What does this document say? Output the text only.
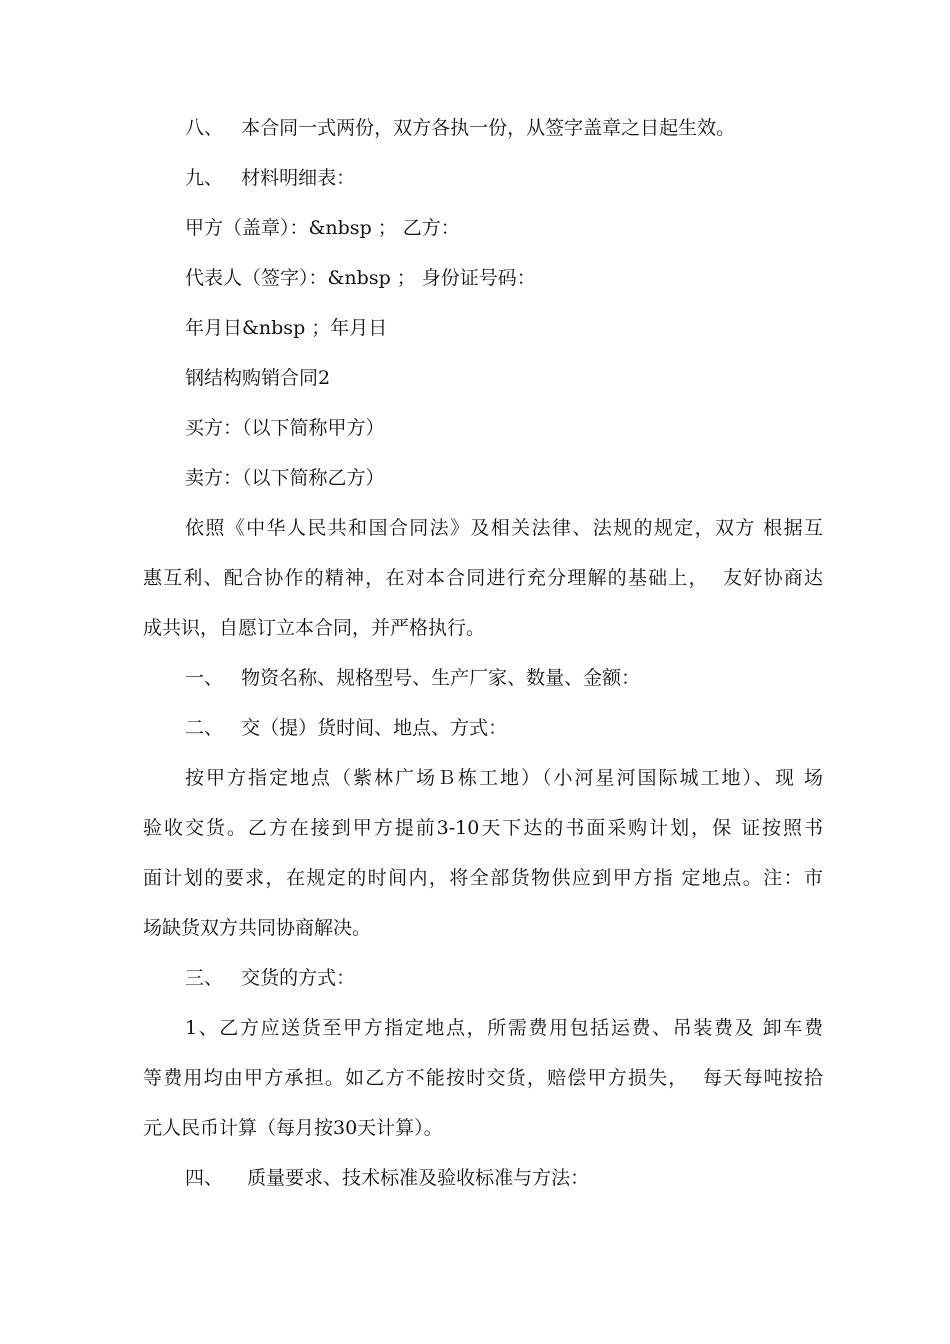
八、   本合同一式两份，双方各执一份，从签字盖章之日起生效。
九、   材料明细表：
甲方（盖章）：&nbsp ； 乙方：
代表人（签字）：&nbsp ； 身份证号码：
年月日&nbsp ；年月日
钢结构购销合同2
买方：（以下简称甲方）
卖方：（以下简称乙方）
依照《中华人民共和国合同法》及相关法律、法规的规定，双方 根据互
惠互利、配合协作的精神，在对本合同进行充分理解的基础上，  友好协商达
成共识，自愿订立本合同，并严格执行。
一、   物资名称、规格型号、生产厂家、数量、金额：
二、   交（提）货时间、地点、方式：
按甲方指定地点（紫林广场Ｂ栋工地）（小河星河国际城工地）、现 场
验收交货。乙方在接到甲方提前3-10天下达的书面采购计划，保 证按照书
面计划的要求，在规定的时间内，将全部货物供应到甲方指 定地点。注：市
场缺货双方共同协商解决。
三、   交货的方式：
1、乙方应送货至甲方指定地点，所需费用包括运费、吊装费及 卸车费
等费用均由甲方承担。如乙方不能按时交货，赔偿甲方损失，  每天每吨按拾
元人民币计算（每月按30天计算）。
四、    质量要求、技术标准及验收标准与方法：
